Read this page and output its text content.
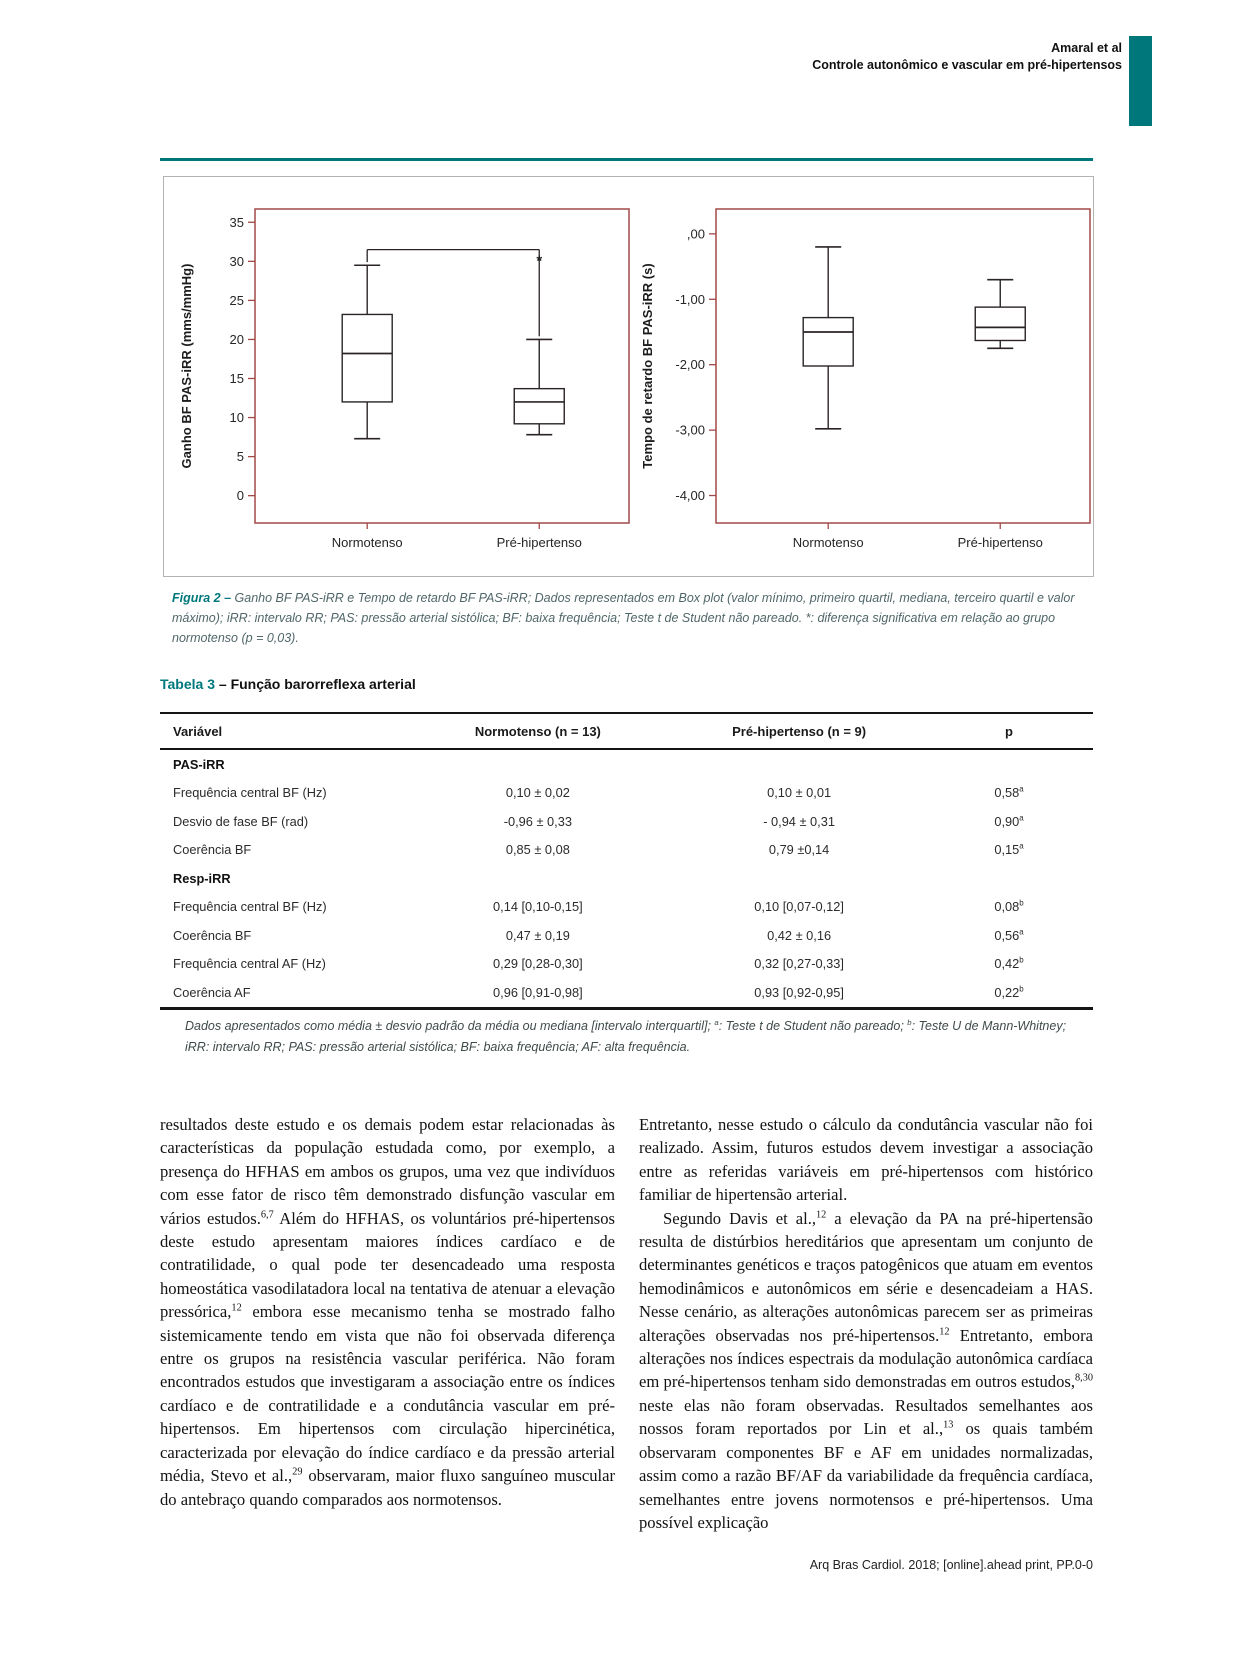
Amaral et al
Controle autonômico e vascular em pré-hipertensos
0
5
10
15
20
25
30
35
Ganho BF PAS-iRR (mms/mmHg)
Normotenso	Pré-hipertenso
*
,00
-1,00
-2,00
-3,00
-4,00
Tempo de retardo BF PAS-iRR (s)
Normotenso	Pré-hipertenso
Figura 2 – Ganho BF PAS-iRR e Tempo de retardo BF PAS-iRR; Dados representados em Box plot (valor mínimo, primeiro quartil, mediana, terceiro quartil e valor máximo); iRR: intervalo RR; PAS: pressão arterial sistólica; BF: baixa frequência; Teste t de Student não pareado. *: diferença significativa em relação ao grupo normotenso (p = 0,03).
Tabela 3 – Função barorreflexa arterial
Variável	Normotenso (n = 13)	Pré-hipertenso (n = 9)	p
PAS-iRR
Frequência central BF (Hz)	0,10 ± 0,02	0,10 ± 0,01	0,58$^a$
Desvio de fase BF (rad)	-0,96 ± 0,33	- 0,94 ± 0,31	0,90$^a$
Coerência BF	0,85 ± 0,08	0,79 ±0,14	0,15$^a$
Resp-iRR
Frequência central BF (Hz)	0,14 [0,10-0,15]	0,10 [0,07-0,12]	0,08$^b$
Coerência BF	0,47 ± 0,19	0,42 ± 0,16	0,56$^a$
Frequência central AF (Hz)	0,29 [0,28-0,30]	0,32 [0,27-0,33]	0,42$^b$
Coerência AF	0,96 [0,91-0,98]	0,93 [0,92-0,95]	0,22$^b$
Dados apresentados como média ± desvio padrão da média ou mediana [intervalo interquartil]; $^a$: Teste t de Student não pareado; $^b$: Teste U de Mann-Whitney; iRR: intervalo RR; PAS: pressão arterial sistólica; BF: baixa frequência; AF: alta frequência.

resultados deste estudo e os demais podem estar relacionadas às características da população estudada como, por exemplo, a presença do HFHAS em ambos os grupos, uma vez que indivíduos com esse fator de risco têm demonstrado disfunção vascular em vários estudos.$^{6,7}$ Além do HFHAS, os voluntários pré-hipertensos deste estudo apresentam maiores índices cardíaco e de contratilidade, o qual pode ter desencadeado uma resposta homeostática vasodilatadora local na tentativa de atenuar a elevação pressórica,$^{12}$ embora esse mecanismo tenha se mostrado falho sistemicamente tendo em vista que não foi observada diferença entre os grupos na resistência vascular periférica. Não foram encontrados estudos que investigaram a associação entre os índices cardíaco e de contratilidade e a condutância vascular em pré-hipertensos. Em hipertensos com circulação hipercinética, caracterizada por elevação do índice cardíaco e da pressão arterial média, Stevo et al.,$^{29}$ observaram, maior fluxo sanguíneo muscular do antebraço quando comparados aos normotensos.

Entretanto, nesse estudo o cálculo da condutância vascular não foi realizado. Assim, futuros estudos devem investigar a associação entre as referidas variáveis em pré-hipertensos com histórico familiar de hipertensão arterial.

Segundo Davis et al.,$^{12}$ a elevação da PA na pré-hipertensão resulta de distúrbios hereditários que apresentam um conjunto de determinantes genéticos e traços patogênicos que atuam em eventos hemodinâmicos e autonômicos em série e desencadeiam a HAS. Nesse cenário, as alterações autonômicas parecem ser as primeiras alterações observadas nos pré-hipertensos.$^{12}$ Entretanto, embora alterações nos índices espectrais da modulação autonômica cardíaca em pré-hipertensos tenham sido demonstradas em outros estudos,$^{8,30}$ neste elas não foram observadas. Resultados semelhantes aos nossos foram reportados por Lin et al.,$^{13}$ os quais também observaram componentes BF e AF em unidades normalizadas, assim como a razão BF/AF da variabilidade da frequência cardíaca, semelhantes entre jovens normotensos e pré-hipertensos. Uma possível explicação

Arq Bras Cardiol. 2018; [online].ahead print, PP.0-0
